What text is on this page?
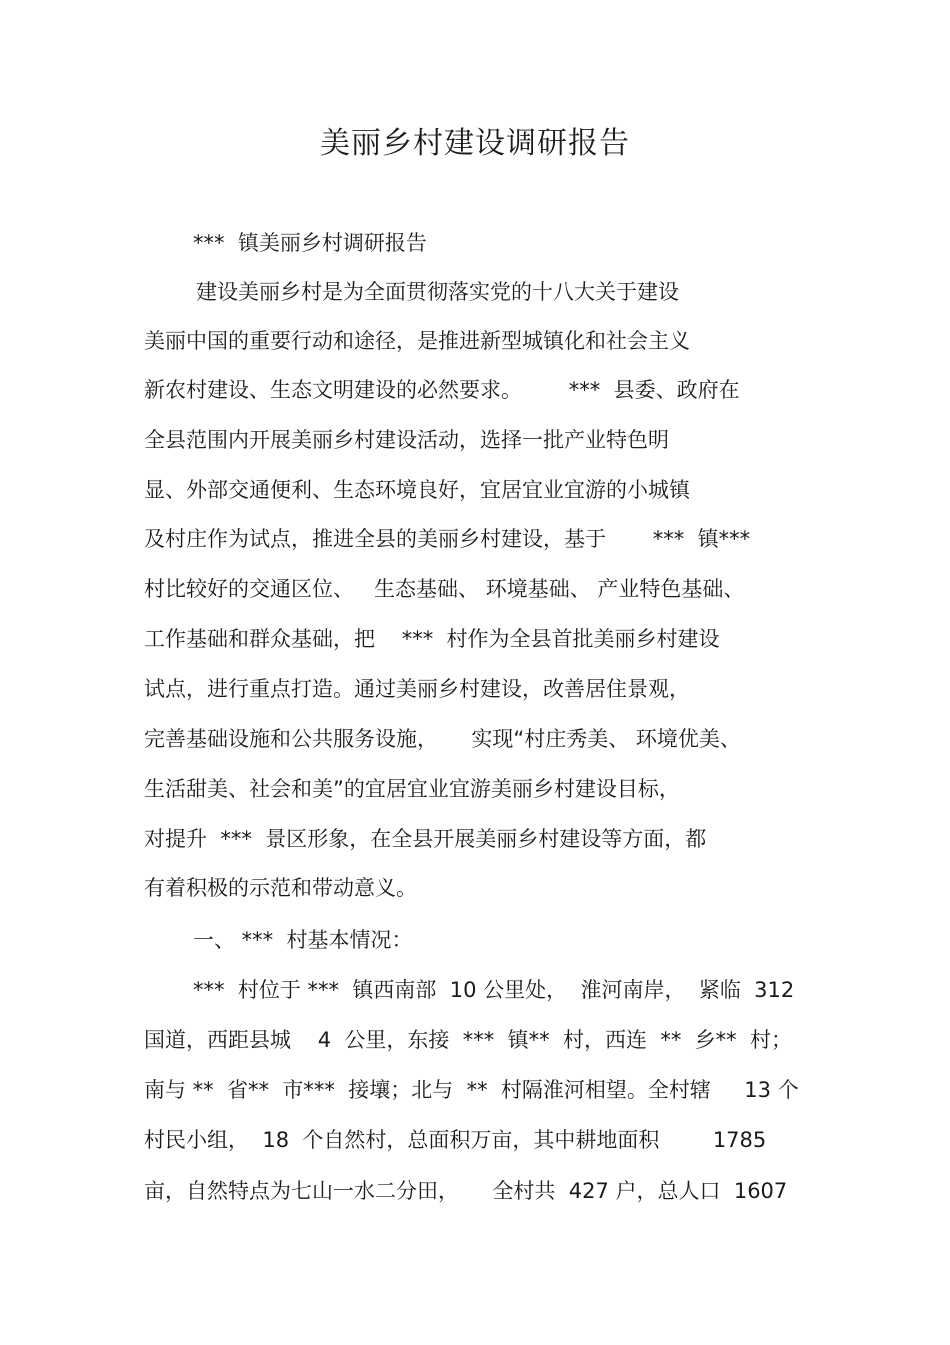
美丽乡村建设调研报告
***  镇美丽乡村调研报告
建设美丽乡村是为全面贯彻落实党的十八大关于建设
美丽中国的重要行动和途径，是推进新型城镇化和社会主义
新农村建设、生态文明建设的必然要求。       ***  县委、政府在
全县范围内开展美丽乡村建设活动，选择一批产业特色明
显、外部交通便利、生态环境良好，宜居宜业宜游的小城镇
及村庄作为试点，推进全县的美丽乡村建设，基于       ***  镇***
村比较好的交通区位、   生态基础、 环境基础、 产业特色基础、
工作基础和群众基础，把    ***  村作为全县首批美丽乡村建设
试点，进行重点打造。通过美丽乡村建设，改善居住景观，
完善基础设施和公共服务设施，     实现“村庄秀美、 环境优美、
生活甜美、社会和美”的宜居宜业宜游美丽乡村建设目标，
对提升  ***  景区形象，在全县开展美丽乡村建设等方面，都
有着积极的示范和带动意义。
一、 ***  村基本情况：
***  村位于 ***  镇西南部  10 公里处，  淮河南岸，  紧临  312
国道，西距县城    4  公里，东接  ***  镇**  村，西连  **  乡**  村；
南与 **  省**  市***  接壤；北与  **  村隔淮河相望。全村辖     13 个
村民小组，  18  个自然村，总面积万亩，其中耕地面积        1785
亩，自然特点为七山一水二分田，     全村共  427 户，总人口  1607
